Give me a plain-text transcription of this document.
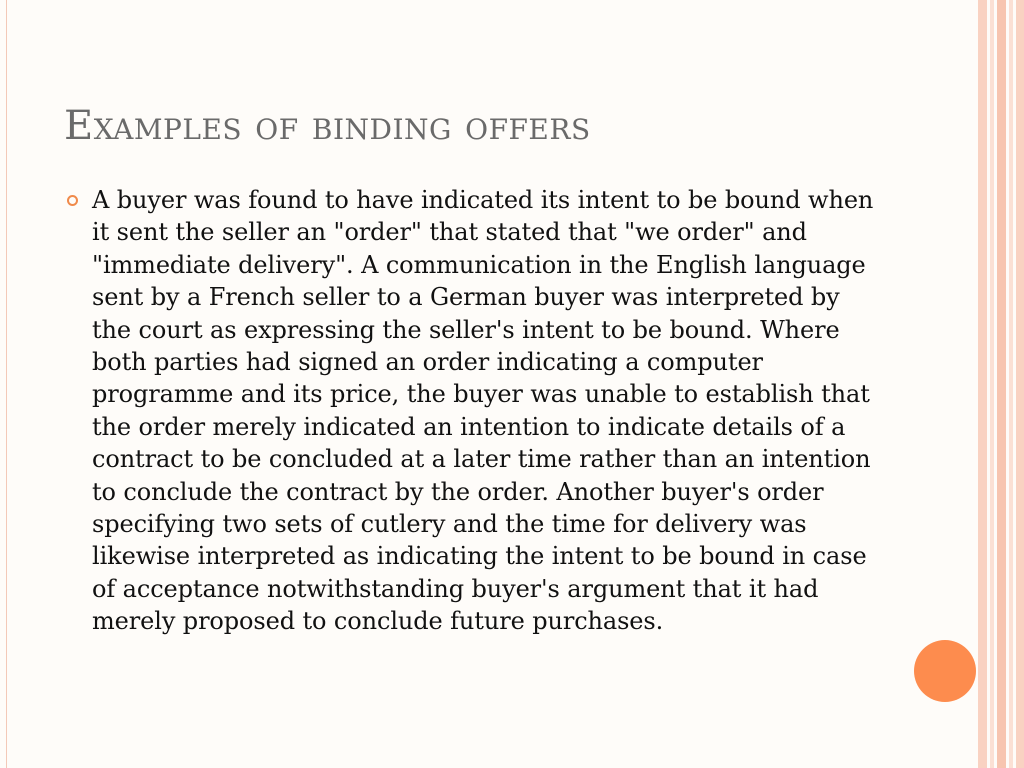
Examples of binding offers
A buyer was found to have indicated its intent to be bound when it sent the seller an "order" that stated that "we order" and "immediate delivery". A communication in the English language sent by a French seller to a German buyer was interpreted by the court as expressing the seller's intent to be bound. Where both parties had signed an order indicating a computer programme and its price, the buyer was unable to establish that the order merely indicated an intention to indicate details of a contract to be concluded at a later time rather than an intention to conclude the contract by the order. Another buyer's order specifying two sets of cutlery and the time for delivery was likewise interpreted as indicating the intent to be bound in case of acceptance notwithstanding buyer's argument that it had merely proposed to conclude future purchases.
